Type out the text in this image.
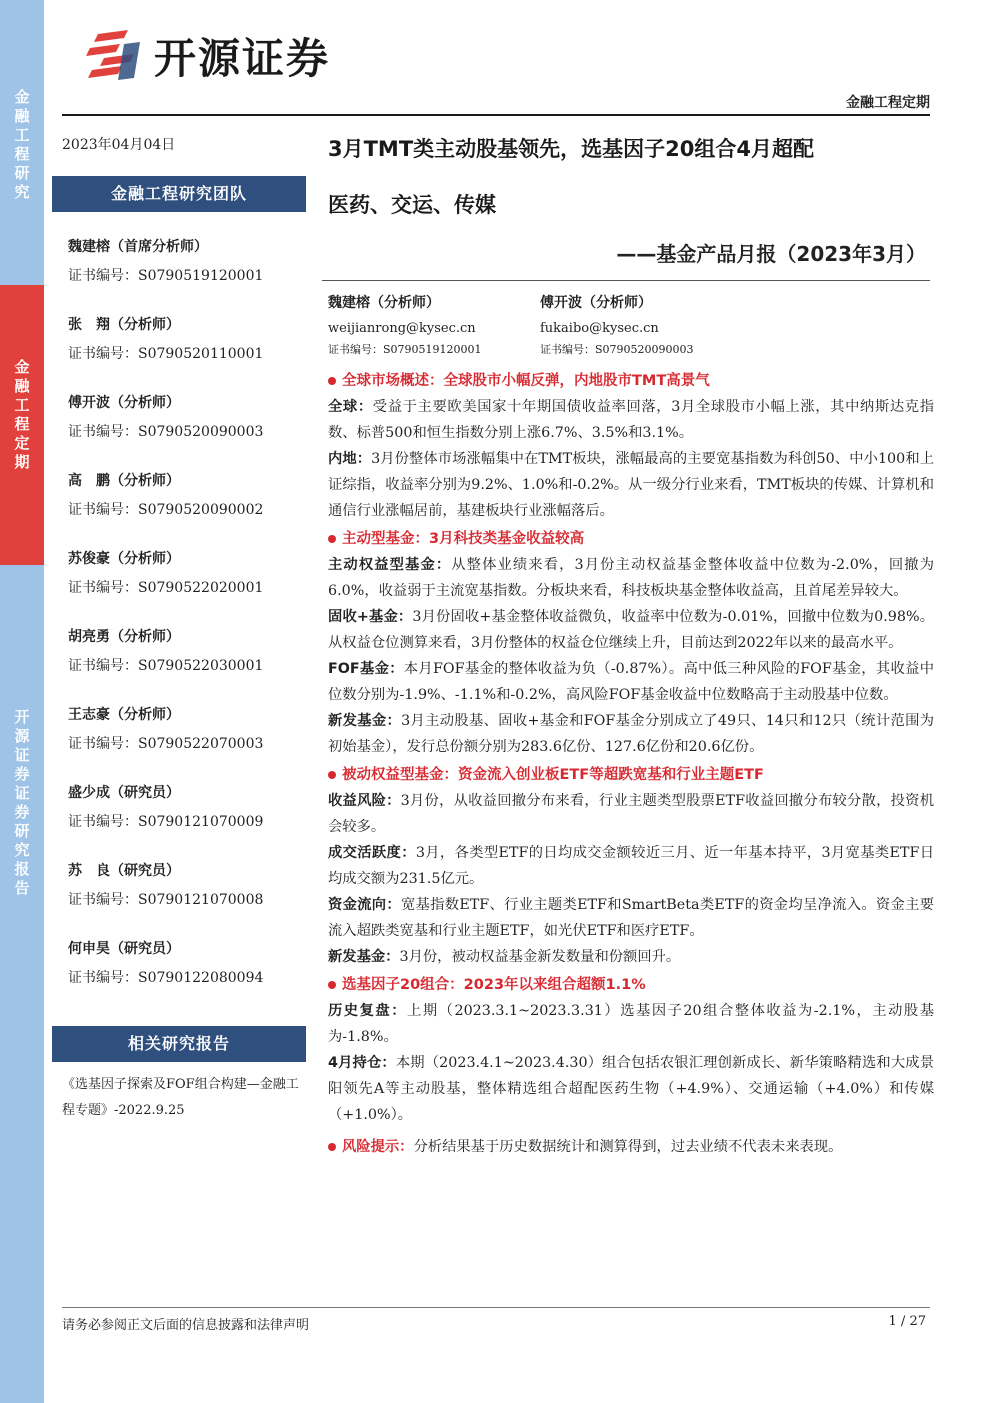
金融工程研究
金融工程定期
开源证券 证券研究报告
开源证券
金融工程定期
2023年04月04日
金融工程研究团队
魏建榕（首席分析师）
证书编号：S0790519120001
张　翔（分析师）
证书编号：S0790520110001
傅开波（分析师）
证书编号：S0790520090003
高　鹏（分析师）
证书编号：S0790520090002
苏俊豪（分析师）
证书编号：S0790522020001
胡亮勇（分析师）
证书编号：S0790522030001
王志豪（分析师）
证书编号：S0790522070003
盛少成（研究员）
证书编号：S0790121070009
苏　良（研究员）
证书编号：S0790121070008
何申昊（研究员）
证书编号：S0790122080094
相关研究报告
《选基因子探索及FOF组合构建—金融工程专题》-2022.9.25
3月TMT类主动股基领先，选基因子20组合4月超配
医药、交运、传媒
——基金产品月报（2023年3月）
魏建榕（分析师）
weijianrong@kysec.cn
证书编号：S0790519120001
傅开波（分析师）
fukaibo@kysec.cn
证书编号：S0790520090003
全球市场概述：全球股市小幅反弹，内地股市TMT高景气
全球：受益于主要欧美国家十年期国债收益率回落，3月全球股市小幅上涨，其中纳斯达克指数、标普500和恒生指数分别上涨6.7%、3.5%和3.1%。
内地：3月份整体市场涨幅集中在TMT板块，涨幅最高的主要宽基指数为科创50、中小100和上证综指，收益率分别为9.2%、1.0%和-0.2%。从一级分行业来看，TMT板块的传媒、计算机和通信行业涨幅居前，基建板块行业涨幅落后。
主动型基金：3月科技类基金收益较高
主动权益型基金：从整体业绩来看，3月份主动权益基金整体收益中位数为-2.0%，回撤为6.0%，收益弱于主流宽基指数。分板块来看，科技板块基金整体收益高，且首尾差异较大。
固收+基金：3月份固收+基金整体收益微负，收益率中位数为-0.01%，回撤中位数为0.98%。从权益仓位测算来看，3月份整体的权益仓位继续上升，目前达到2022年以来的最高水平。
FOF基金：本月FOF基金的整体收益为负（-0.87%）。高中低三种风险的FOF基金，其收益中位数分别为-1.9%、-1.1%和-0.2%，高风险FOF基金收益中位数略高于主动股基中位数。
新发基金：3月主动股基、固收+基金和FOF基金分别成立了49只、14只和12只（统计范围为初始基金），发行总份额分别为283.6亿份、127.6亿份和20.6亿份。
被动权益型基金：资金流入创业板ETF等超跌宽基和行业主题ETF
收益风险：3月份，从收益回撤分布来看，行业主题类型股票ETF收益回撤分布较分散，投资机会较多。
成交活跃度：3月，各类型ETF的日均成交金额较近三月、近一年基本持平，3月宽基类ETF日均成交额为231.5亿元。
资金流向：宽基指数ETF、行业主题类ETF和SmartBeta类ETF的资金均呈净流入。资金主要流入超跌类宽基和行业主题ETF，如光伏ETF和医疗ETF。
新发基金：3月份，被动权益基金新发数量和份额回升。
选基因子20组合：2023年以来组合超额1.1%
历史复盘：上期（2023.3.1~2023.3.31）选基因子20组合整体收益为-2.1%，主动股基为-1.8%。
4月持仓：本期（2023.4.1~2023.4.30）组合包括农银汇理创新成长、新华策略精选和大成景阳领先A等主动股基，整体精选组合超配医药生物（+4.9%）、交通运输（+4.0%）和传媒（+1.0%）。
风险提示：分析结果基于历史数据统计和测算得到，过去业绩不代表未来表现。
请务必参阅正文后面的信息披露和法律声明	1 / 27
